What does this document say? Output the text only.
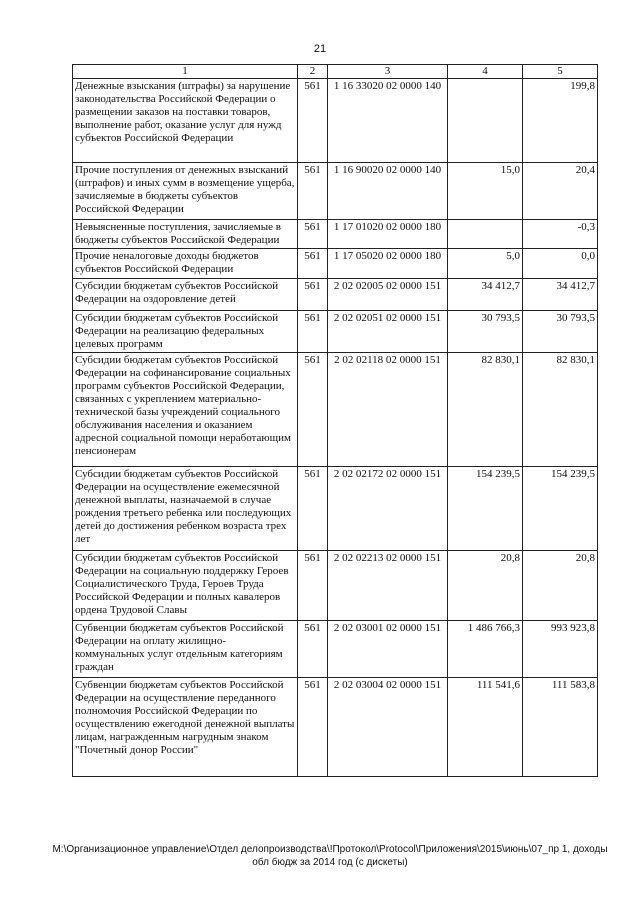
21
1	2	3	4	5
Денежные взыскания (штрафы) за нарушение законодательства Российской Федерации о размещении заказов на поставки товаров, выполнение работ, оказание услуг для нужд субъектов Российской Федерации	561	1 16 33020 02 0000 140		199,8
Прочие поступления от денежных взысканий (штрафов) и иных сумм в возмещение ущерба, зачисляемые в бюджеты субъектов Российской Федерации	561	1 16 90020 02 0000 140	15,0	20,4
Невыясненные поступления, зачисляемые в бюджеты субъектов Российской Федерации	561	1 17 01020 02 0000 180		-0,3
Прочие неналоговые доходы бюджетов субъектов Российской Федерации	561	1 17 05020 02 0000 180	5,0	0,0
Субсидии бюджетам субъектов Российской Федерации на оздоровление детей	561	2 02 02005 02 0000 151	34 412,7	34 412,7
Субсидии бюджетам субъектов Российской Федерации на реализацию федеральных целевых программ	561	2 02 02051 02 0000 151	30 793,5	30 793,5
Субсидии бюджетам субъектов Российской Федерации на софинансирование социальных программ субъектов Российской Федерации, связанных с укреплением материально-технической базы учреждений социального обслуживания населения и оказанием адресной социальной помощи неработающим пенсионерам	561	2 02 02118 02 0000 151	82 830,1	82 830,1
Субсидии бюджетам субъектов Российской Федерации на осуществление ежемесячной денежной выплаты, назначаемой в случае рождения третьего ребенка или последующих детей до достижения ребенком возраста трех лет	561	2 02 02172 02 0000 151	154 239,5	154 239,5
Субсидии бюджетам субъектов Российской Федерации на социальную поддержку Героев Социалистического Труда, Героев Труда Российской Федерации и полных кавалеров ордена Трудовой Славы	561	2 02 02213 02 0000 151	20,8	20,8
Субвенции бюджетам субъектов Российской Федерации на оплату жилищно-коммунальных услуг отдельным категориям граждан	561	2 02 03001 02 0000 151	1 486 766,3	993 923,8
Субвенции бюджетам субъектов Российской Федерации на осуществление переданного полномочия Российской Федерации по осуществлению ежегодной денежной выплаты лицам, награжденным нагрудным знаком "Почетный донор России"	561	2 02 03004 02 0000 151	111 541,6	111 583,8
М:\Организационное управление\Отдел делопроизводства\!Протокол\Protocol\Приложения\2015\июнь\07_пр 1, доходы
обл бюдж за 2014 год (с дискеты)
